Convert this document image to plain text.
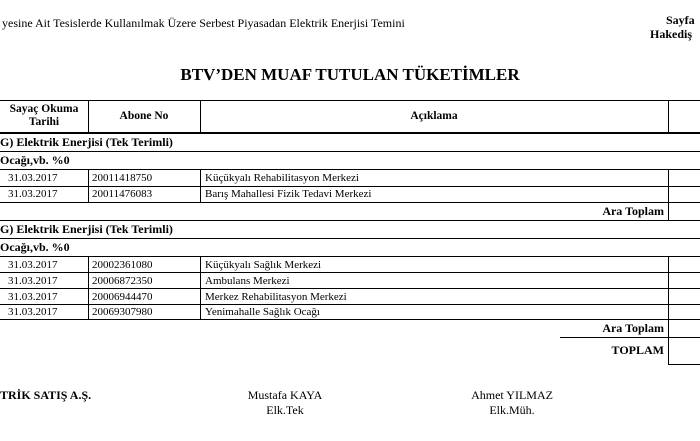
yesine Ait Tesislerde Kullanılmak Üzere Serbest Piyasadan Elektrik Enerjisi Temini	Sayfa
Hakediş
BTV’DEN MUAF TUTULAN TÜKETİMLER
Sayaç Okuma
Tarihi	Abone No	Açıklama
G) Elektrik Enerjisi (Tek Terimli)
Ocağı,vb. %0
31.03.2017	20011418750	Küçükyalı Rehabilitasyon Merkezi
31.03.2017	20011476083	Barış Mahallesi Fizik Tedavi Merkezi
Ara Toplam
G) Elektrik Enerjisi (Tek Terimli)
Ocağı,vb. %0
31.03.2017	20002361080	Küçükyalı Sağlık Merkezi
31.03.2017	20006872350	Ambulans Merkezi
31.03.2017	20006944470	Merkez Rehabilitasyon Merkezi
31.03.2017	20069307980	Yenimahalle Sağlık Ocağı
Ara Toplam
TOPLAM
TRİK SATIŞ A.Ş.	Mustafa KAYA
Elk.Tek
Ahmet YILMAZ
Elk.Müh.
